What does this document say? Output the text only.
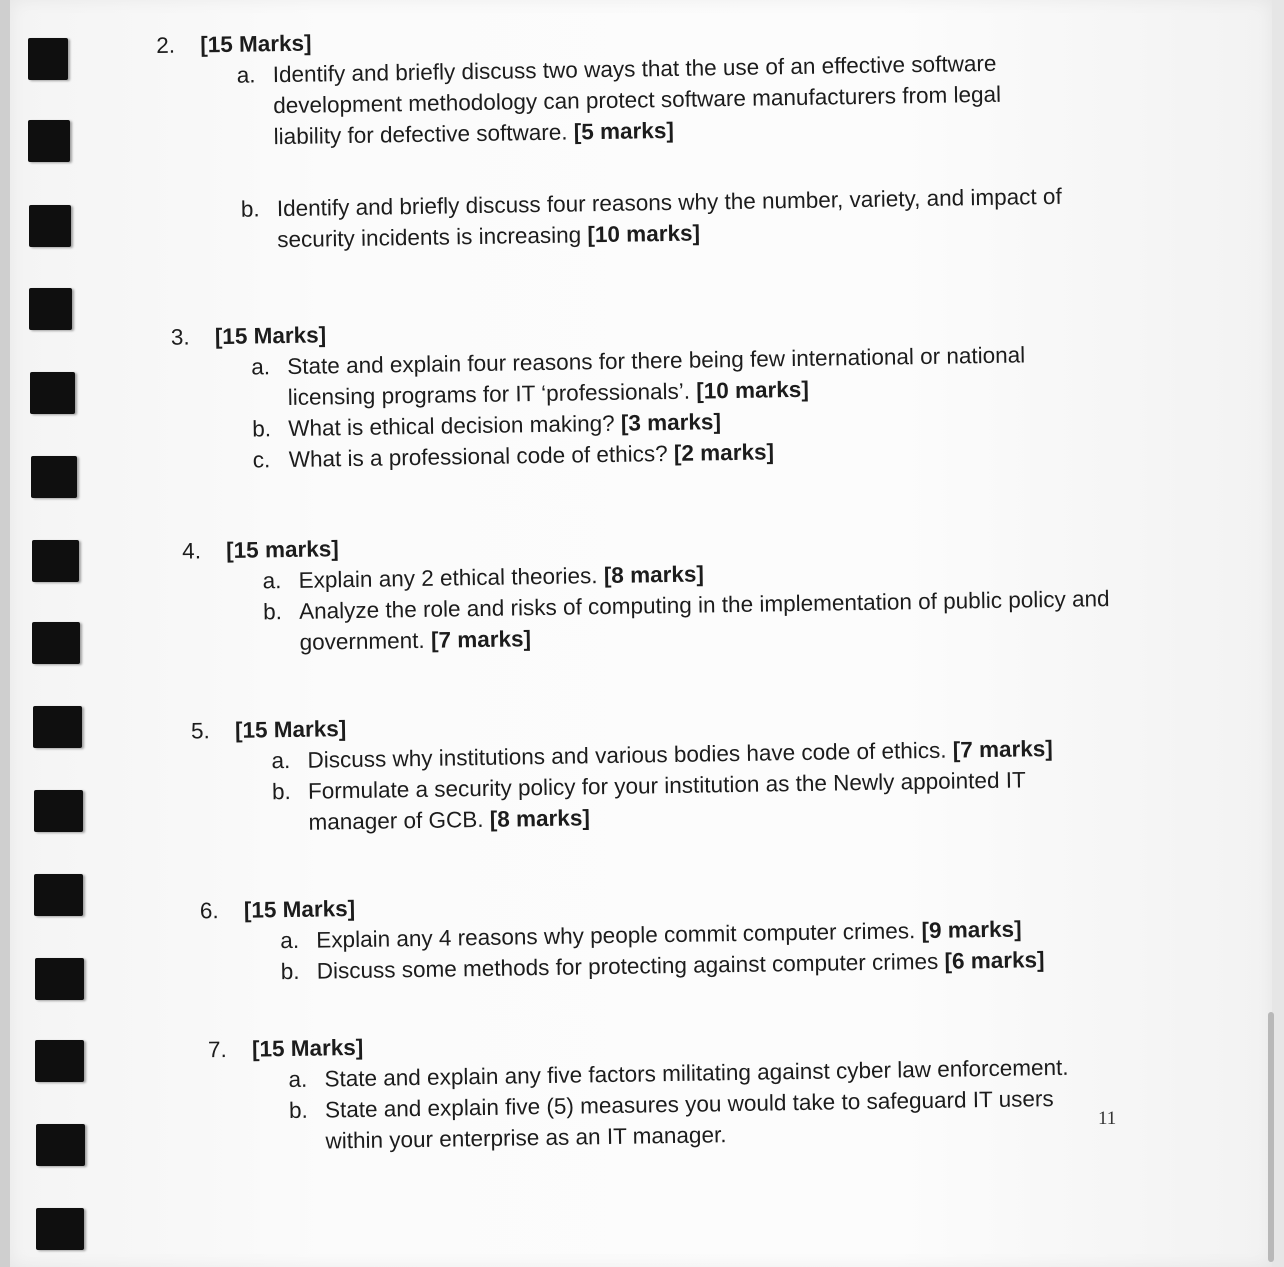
2.	[15 Marks]
a. Identify and briefly discuss two ways that the use of an effective software development methodology can protect software manufacturers from legal liability for defective software. [5 marks]
b. Identify and briefly discuss four reasons why the number, variety, and impact of security incidents is increasing [10 marks]
3.	[15 Marks]
a. State and explain four reasons for there being few international or national licensing programs for IT ‘professionals’. [10 marks]
b. What is ethical decision making? [3 marks]
c. What is a professional code of ethics? [2 marks]
4.	[15 marks]
a. Explain any 2 ethical theories. [8 marks]
b. Analyze the role and risks of computing in the implementation of public policy and government. [7 marks]
5.	[15 Marks]
a. Discuss why institutions and various bodies have code of ethics. [7 marks]
b. Formulate a security policy for your institution as the Newly appointed IT manager of GCB. [8 marks]
6.	[15 Marks]
a. Explain any 4 reasons why people commit computer crimes. [9 marks]
b. Discuss some methods for protecting against computer crimes [6 marks]
7.	[15 Marks]
a. State and explain any five factors militating against cyber law enforcement.
b. State and explain five (5) measures you would take to safeguard IT users within your enterprise as an IT manager.
11
